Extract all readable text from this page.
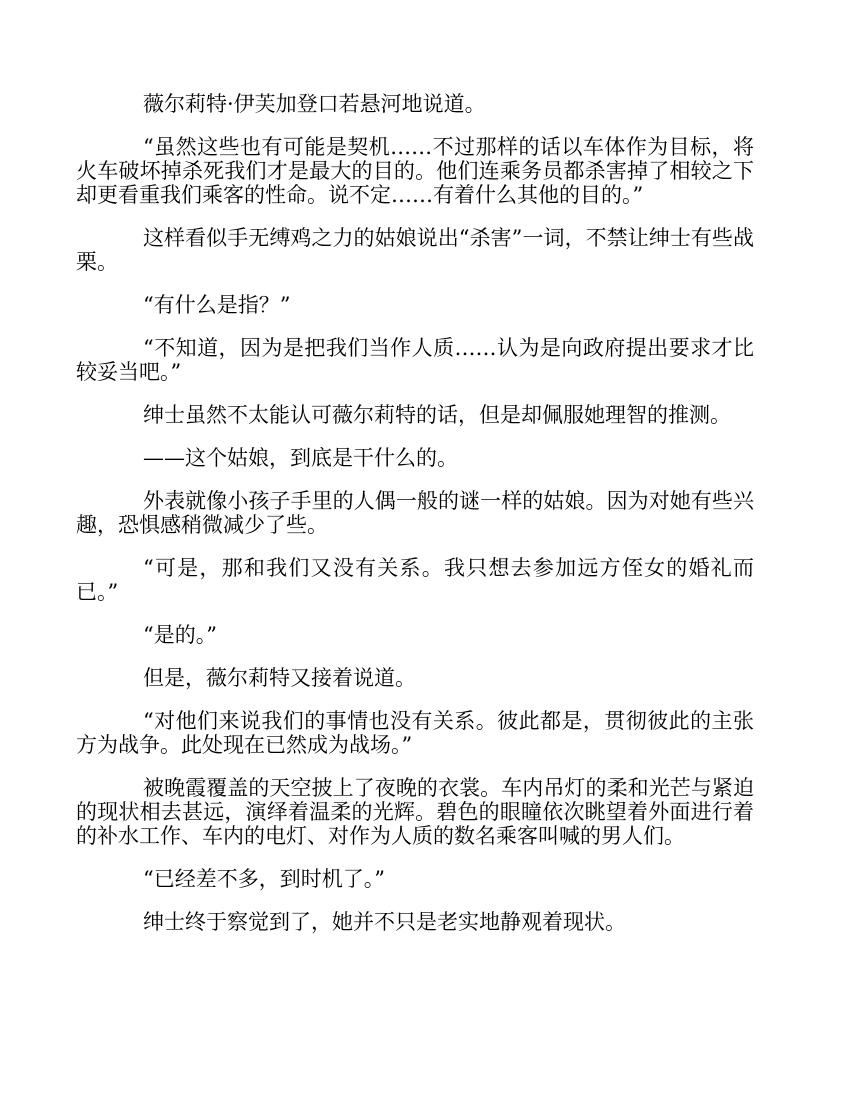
薇尔莉特·伊芙加登口若悬河地说道。

“虽然这些也有可能是契机……不过那样的话以车体作为目标，将火车破坏掉杀死我们才是最大的目的。他们连乘务员都杀害掉了相较之下却更看重我们乘客的性命。说不定……有着什么其他的目的。”

这样看似手无缚鸡之力的姑娘说出“杀害”一词，不禁让绅士有些战栗。

“有什么是指？”

“不知道，因为是把我们当作人质……认为是向政府提出要求才比较妥当吧。”

绅士虽然不太能认可薇尔莉特的话，但是却佩服她理智的推测。

——这个姑娘，到底是干什么的。

外表就像小孩子手里的人偶一般的谜一样的姑娘。因为对她有些兴趣，恐惧感稍微减少了些。

“可是，那和我们又没有关系。我只想去参加远方侄女的婚礼而已。”

“是的。”

但是，薇尔莉特又接着说道。

“对他们来说我们的事情也没有关系。彼此都是，贯彻彼此的主张方为战争。此处现在已然成为战场。”

被晚霞覆盖的天空披上了夜晚的衣裳。车内吊灯的柔和光芒与紧迫的现状相去甚远，演绎着温柔的光辉。碧色的眼瞳依次眺望着外面进行着的补水工作、车内的电灯、对作为人质的数名乘客叫喊的男人们。

“已经差不多，到时机了。”

绅士终于察觉到了，她并不只是老实地静观着现状。
